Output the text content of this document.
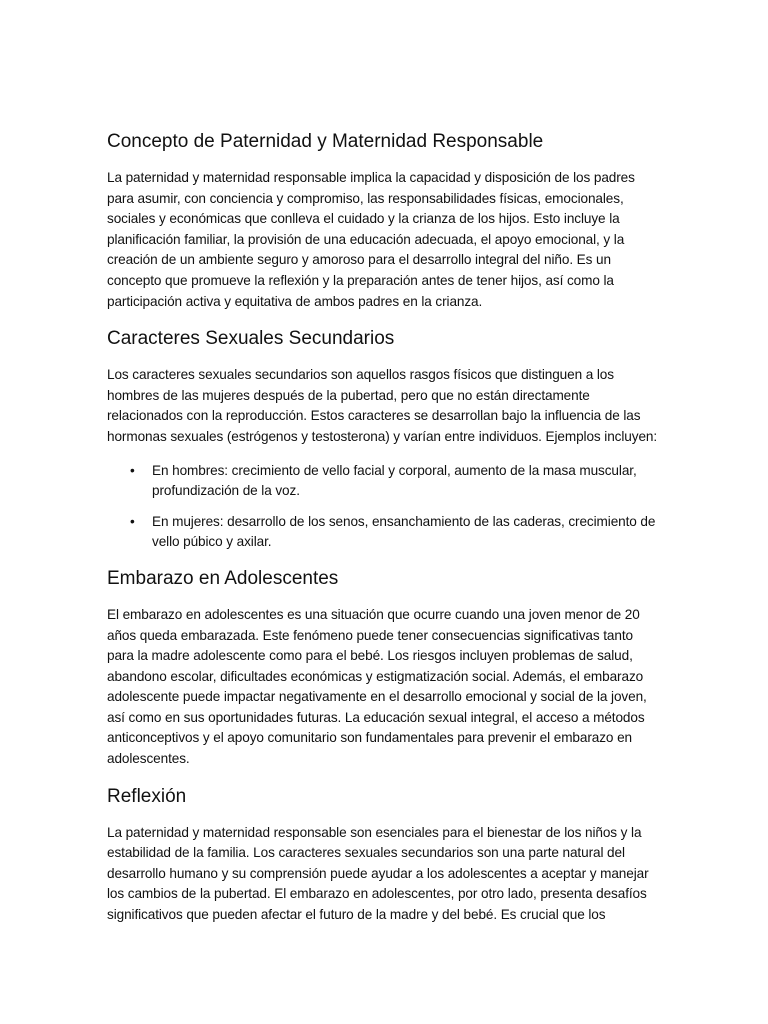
Concepto de Paternidad y Maternidad Responsable

La paternidad y maternidad responsable implica la capacidad y disposición de los padres para asumir, con conciencia y compromiso, las responsabilidades físicas, emocionales, sociales y económicas que conlleva el cuidado y la crianza de los hijos. Esto incluye la planificación familiar, la provisión de una educación adecuada, el apoyo emocional, y la creación de un ambiente seguro y amoroso para el desarrollo integral del niño. Es un concepto que promueve la reflexión y la preparación antes de tener hijos, así como la participación activa y equitativa de ambos padres en la crianza.

Caracteres Sexuales Secundarios

Los caracteres sexuales secundarios son aquellos rasgos físicos que distinguen a los hombres de las mujeres después de la pubertad, pero que no están directamente relacionados con la reproducción. Estos caracteres se desarrollan bajo la influencia de las hormonas sexuales (estrógenos y testosterona) y varían entre individuos. Ejemplos incluyen:

• En hombres: crecimiento de vello facial y corporal, aumento de la masa muscular, profundización de la voz.
• En mujeres: desarrollo de los senos, ensanchamiento de las caderas, crecimiento de vello púbico y axilar.
Embarazo en Adolescentes

El embarazo en adolescentes es una situación que ocurre cuando una joven menor de 20 años queda embarazada. Este fenómeno puede tener consecuencias significativas tanto para la madre adolescente como para el bebé. Los riesgos incluyen problemas de salud, abandono escolar, dificultades económicas y estigmatización social. Además, el embarazo adolescente puede impactar negativamente en el desarrollo emocional y social de la joven, así como en sus oportunidades futuras. La educación sexual integral, el acceso a métodos anticonceptivos y el apoyo comunitario son fundamentales para prevenir el embarazo en adolescentes.

Reflexión

La paternidad y maternidad responsable son esenciales para el bienestar de los niños y la estabilidad de la familia. Los caracteres sexuales secundarios son una parte natural del desarrollo humano y su comprensión puede ayudar a los adolescentes a aceptar y manejar los cambios de la pubertad. El embarazo en adolescentes, por otro lado, presenta desafíos significativos que pueden afectar el futuro de la madre y del bebé. Es crucial que los
